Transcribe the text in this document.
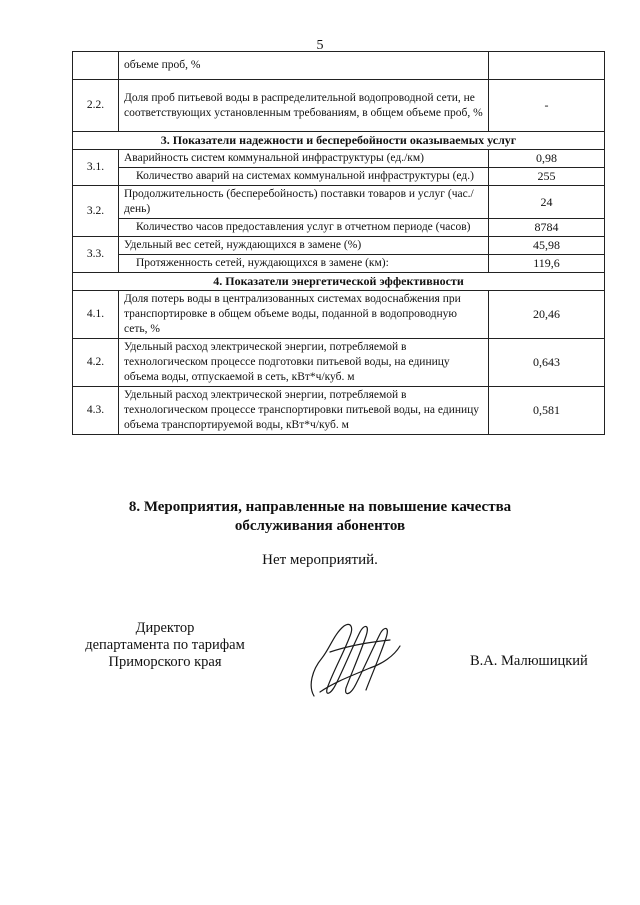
5
	объеме проб, %	
2.2.	Доля проб питьевой воды в распределительной водопроводной сети, не соответствующих установленным требованиям, в общем объеме проб, %	-
3. Показатели надежности и бесперебойности оказываемых услуг		
3.1.	Аварийность систем коммунальной инфраструктуры (ед./км)	0,98
	Количество аварий на системах коммунальной инфраструктуры (ед.)	255
3.2.	Продолжительность (бесперебойность) поставки товаров и услуг (час./день)	24
	Количество часов предоставления услуг в отчетном периоде (часов)	8784
3.3.	Удельный вес сетей, нуждающихся в замене (%)	45,98
	Протяженность сетей, нуждающихся в замене (км):	119,6
4. Показатели энергетической эффективности		
4.1.	Доля потерь воды в централизованных системах водоснабжения при транспортировке в общем объеме воды, поданной в водопроводную сеть, %	20,46
4.2.	Удельный расход электрической энергии, потребляемой в технологическом процессе подготовки питьевой воды, на единицу объема воды, отпускаемой в сеть, кВт*ч/куб. м	0,643
4.3.	Удельный расход электрической энергии, потребляемой в технологическом процессе транспортировки питьевой воды, на единицу объема транспортируемой воды, кВт*ч/куб. м	0,581
8. Мероприятия, направленные на повышение качества
обслуживания абонентов
Нет мероприятий.
Директор
департамента по тарифам
Приморского края	В.А. Малюшицкий
